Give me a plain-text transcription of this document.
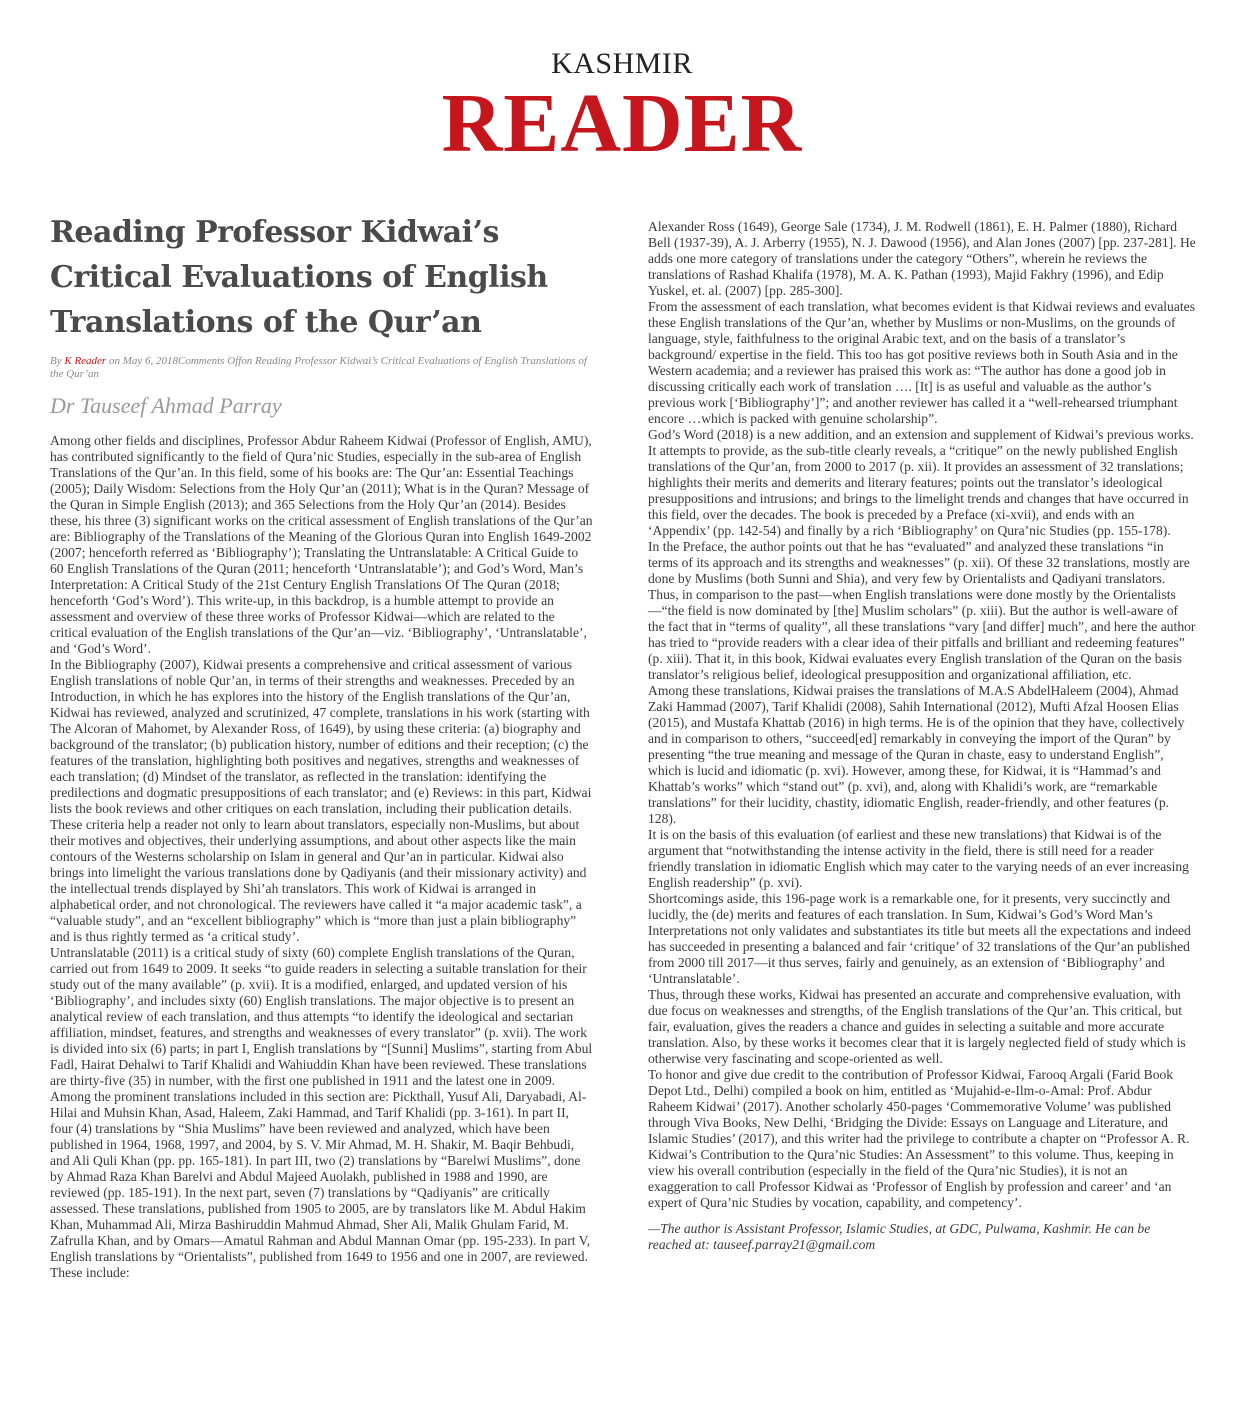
KASHMIR
READER
Reading Professor Kidwai’s Critical Evaluations of English Translations of the Qur’an
By K Reader on May 6, 2018Comments Offon Reading Professor Kidwai’s Critical Evaluations of English Translations of the Qur’an
Dr Tauseef Ahmad Parray

Among other fields and disciplines, Professor Abdur Raheem Kidwai (Professor of English, AMU), has contributed significantly to the field of Qura’nic Studies, especially in the sub-area of English Translations of the Qur’an. In this field, some of his books are: The Qur’an: Essential Teachings (2005); Daily Wisdom: Selections from the Holy Qur’an (2011); What is in the Quran? Message of the Quran in Simple English (2013); and 365 Selections from the Holy Qur’an (2014). Besides these, his three (3) significant works on the critical assessment of English translations of the Qur’an are: Bibliography of the Translations of the Meaning of the Glorious Quran into English 1649-2002 (2007; henceforth referred as ‘Bibliography’); Translating the Untranslatable: A Critical Guide to 60 English Translations of the Quran (2011; henceforth ‘Untranslatable’); and God’s Word, Man’s Interpretation: A Critical Study of the 21st Century English Translations Of The Quran (2018; henceforth ‘God’s Word’). This write-up, in this backdrop, is a humble attempt to provide an assessment and overview of these three works of Professor Kidwai—which are related to the critical evaluation of the English translations of the Qur’an—viz. ‘Bibliography’, ‘Untranslatable’, and ‘God’s Word’.

In the Bibliography (2007), Kidwai presents a comprehensive and critical assessment of various English translations of noble Qur’an, in terms of their strengths and weaknesses. Preceded by an Introduction, in which he has explores into the history of the English translations of the Qur’an, Kidwai has reviewed, analyzed and scrutinized, 47 complete, translations in his work (starting with The Alcoran of Mahomet, by Alexander Ross, of 1649), by using these criteria: (a) biography and background of the translator; (b) publication history, number of editions and their reception; (c) the features of the translation, highlighting both positives and negatives, strengths and weaknesses of each translation; (d) Mindset of the translator, as reflected in the translation: identifying the predilections and dogmatic presuppositions of each translator; and (e) Reviews: in this part, Kidwai lists the book reviews and other critiques on each translation, including their publication details.

These criteria help a reader not only to learn about translators, especially non-Muslims, but about their motives and objectives, their underlying assumptions, and about other aspects like the main contours of the Westerns scholarship on Islam in general and Qur’an in particular. Kidwai also brings into limelight the various translations done by Qadiyanis (and their missionary activity) and the intellectual trends displayed by Shi’ah translators. This work of Kidwai is arranged in alphabetical order, and not chronological. The reviewers have called it “a major academic task”, a “valuable study”, and an “excellent bibliography” which is “more than just a plain bibliography” and is thus rightly termed as ‘a critical study’.

Untranslatable (2011) is a critical study of sixty (60) complete English translations of the Quran, carried out from 1649 to 2009. It seeks “to guide readers in selecting a suitable translation for their study out of the many available” (p. xvii). It is a modified, enlarged, and updated version of his ‘Bibliography’, and includes sixty (60) English translations. The major objective is to present an analytical review of each translation, and thus attempts “to identify the ideological and sectarian affiliation, mindset, features, and strengths and weaknesses of every translator” (p. xvii). The work is divided into six (6) parts; in part I, English translations by “[Sunni] Muslims”, starting from Abul Fadl, Hairat Dehalwi to Tarif Khalidi and Wahiuddin Khan have been reviewed. These translations are thirty-five (35) in number, with the first one published in 1911 and the latest one in 2009. Among the prominent translations included in this section are: Pickthall, Yusuf Ali, Daryabadi, Al-Hilai and Muhsin Khan, Asad, Haleem, Zaki Hammad, and Tarif Khalidi (pp. 3-161). In part II, four (4) translations by “Shia Muslims” have been reviewed and analyzed, which have been published in 1964, 1968, 1997, and 2004, by S. V. Mir Ahmad, M. H. Shakir, M. Baqir Behbudi, and Ali Quli Khan (pp. pp. 165-181). In part III, two (2) translations by “Barelwi Muslims”, done by Ahmad Raza Khan Barelvi and Abdul Majeed Auolakh, published in 1988 and 1990, are reviewed (pp. 185-191). In the next part, seven (7) translations by “Qadiyanis” are critically assessed. These translations, published from 1905 to 2005, are by translators like M. Abdul Hakim Khan, Muhammad Ali, Mirza Bashiruddin Mahmud Ahmad, Sher Ali, Malik Ghulam Farid, M. Zafrulla Khan, and by Omars—Amatul Rahman and Abdul Mannan Omar (pp. 195-233). In part V, English translations by “Orientalists”, published from 1649 to 1956 and one in 2007, are reviewed. These include:

Alexander Ross (1649), George Sale (1734), J. M. Rodwell (1861), E. H. Palmer (1880), Richard Bell (1937-39), A. J. Arberry (1955), N. J. Dawood (1956), and Alan Jones (2007) [pp. 237-281]. He adds one more category of translations under the category “Others”, wherein he reviews the translations of Rashad Khalifa (1978), M. A. K. Pathan (1993), Majid Fakhry (1996), and Edip Yuskel, et. al. (2007) [pp. 285-300].

From the assessment of each translation, what becomes evident is that Kidwai reviews and evaluates these English translations of the Qur’an, whether by Muslims or non-Muslims, on the grounds of language, style, faithfulness to the original Arabic text, and on the basis of a translator’s background/ expertise in the field. This too has got positive reviews both in South Asia and in the Western academia; and a reviewer has praised this work as: “The author has done a good job in discussing critically each work of translation …. [It] is as useful and valuable as the author’s previous work [‘Bibliography’]”; and another reviewer has called it a “well-rehearsed triumphant encore …which is packed with genuine scholarship”.

God’s Word (2018) is a new addition, and an extension and supplement of Kidwai’s previous works. It attempts to provide, as the sub-title clearly reveals, a “critique” on the newly published English translations of the Qur’an, from 2000 to 2017 (p. xii). It provides an assessment of 32 translations; highlights their merits and demerits and literary features; points out the translator’s ideological presuppositions and intrusions; and brings to the limelight trends and changes that have occurred in this field, over the decades. The book is preceded by a Preface (xi-xvii), and ends with an ‘Appendix’ (pp. 142-54) and finally by a rich ‘Bibliography’ on Qura’nic Studies (pp. 155-178).

In the Preface, the author points out that he has “evaluated” and analyzed these translations “in terms of its approach and its strengths and weaknesses” (p. xii). Of these 32 translations, mostly are done by Muslims (both Sunni and Shia), and very few by Orientalists and Qadiyani translators. Thus, in comparison to the past—when English translations were done mostly by the Orientalists—“the field is now dominated by [the] Muslim scholars” (p. xiii). But the author is well-aware of the fact that in “terms of quality”, all these translations “vary [and differ] much”, and here the author has tried to “provide readers with a clear idea of their pitfalls and brilliant and redeeming features” (p. xiii). That it, in this book, Kidwai evaluates every English translation of the Quran on the basis translator’s religious belief, ideological presupposition and organizational affiliation, etc.

Among these translations, Kidwai praises the translations of M.A.S AbdelHaleem (2004), Ahmad Zaki Hammad (2007), Tarif Khalidi (2008), Sahih International (2012), Mufti Afzal Hoosen Elias (2015), and Mustafa Khattab (2016) in high terms. He is of the opinion that they have, collectively and in comparison to others, “succeed[ed] remarkably in conveying the import of the Quran” by presenting “the true meaning and message of the Quran in chaste, easy to understand English”, which is lucid and idiomatic (p. xvi). However, among these, for Kidwai, it is “Hammad’s and Khattab’s works” which “stand out” (p. xvi), and, along with Khalidi’s work, are “remarkable translations” for their lucidity, chastity, idiomatic English, reader-friendly, and other features (p. 128).

It is on the basis of this evaluation (of earliest and these new translations) that Kidwai is of the argument that “notwithstanding the intense activity in the field, there is still need for a reader friendly translation in idiomatic English which may cater to the varying needs of an ever increasing English readership” (p. xvi).

Shortcomings aside, this 196-page work is a remarkable one, for it presents, very succinctly and lucidly, the (de) merits and features of each translation. In Sum, Kidwai’s God’s Word Man’s Interpretations not only validates and substantiates its title but meets all the expectations and indeed has succeeded in presenting a balanced and fair ‘critique’ of 32 translations of the Qur’an published from 2000 till 2017—it thus serves, fairly and genuinely, as an extension of ‘Bibliography’ and ‘Untranslatable’.

Thus, through these works, Kidwai has presented an accurate and comprehensive evaluation, with due focus on weaknesses and strengths, of the English translations of the Qur’an. This critical, but fair, evaluation, gives the readers a chance and guides in selecting a suitable and more accurate translation. Also, by these works it becomes clear that it is largely neglected field of study which is otherwise very fascinating and scope-oriented as well.

To honor and give due credit to the contribution of Professor Kidwai, Farooq Argali (Farid Book Depot Ltd., Delhi) compiled a book on him, entitled as ‘Mujahid-e-Ilm-o-Amal: Prof. Abdur Raheem Kidwai’ (2017). Another scholarly 450-pages ‘Commemorative Volume’ was published through Viva Books, New Delhi, ‘Bridging the Divide: Essays on Language and Literature, and Islamic Studies’ (2017), and this writer had the privilege to contribute a chapter on “Professor A. R. Kidwai’s Contribution to the Qura’nic Studies: An Assessment” to this volume. Thus, keeping in view his overall contribution (especially in the field of the Qura’nic Studies), it is not an exaggeration to call Professor Kidwai as ‘Professor of English by profession and career’ and ‘an expert of Qura’nic Studies by vocation, capability, and competency’.

—The author is Assistant Professor, Islamic Studies, at GDC, Pulwama, Kashmir. He can be reached at: tauseef.parray21@gmail.com
